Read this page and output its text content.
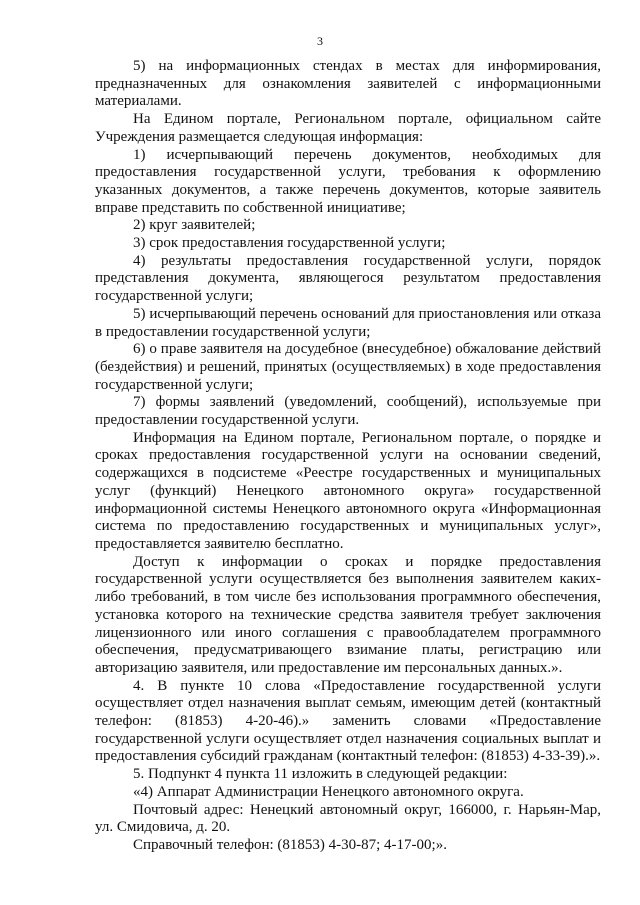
3

5) на информационных стендах в местах для информирования, предназначенных для ознакомления заявителей с информационными материалами.

На Едином портале, Региональном портале, официальном сайте Учреждения размещается следующая информация:

1) исчерпывающий перечень документов, необходимых для предоставления государственной услуги, требования к оформлению указанных документов, а также перечень документов, которые заявитель вправе представить по собственной инициативе;

2) круг заявителей;

3) срок предоставления государственной услуги;

4) результаты предоставления государственной услуги, порядок представления документа, являющегося результатом предоставления государственной услуги;

5) исчерпывающий перечень оснований для приостановления или отказа в предоставлении государственной услуги;

6) о праве заявителя на досудебное (внесудебное) обжалование действий (бездействия) и решений, принятых (осуществляемых) в ходе предоставления государственной услуги;

7) формы заявлений (уведомлений, сообщений), используемые при предоставлении государственной услуги.

Информация на Едином портале, Региональном портале, о порядке и сроках предоставления государственной услуги на основании сведений, содержащихся в подсистеме «Реестре государственных и муниципальных услуг (функций) Ненецкого автономного округа» государственной информационной системы Ненецкого автономного округа «Информационная система по предоставлению государственных и муниципальных услуг», предоставляется заявителю бесплатно.

Доступ к информации о сроках и порядке предоставления государственной услуги осуществляется без выполнения заявителем каких-либо требований, в том числе без использования программного обеспечения, установка которого на технические средства заявителя требует заключения лицензионного или иного соглашения с правообладателем программного обеспечения, предусматривающего взимание платы, регистрацию или авторизацию заявителя, или предоставление им персональных данных.».

4. В пункте 10 слова «Предоставление государственной услуги осуществляет отдел назначения выплат семьям, имеющим детей (контактный телефон: (81853) 4-20-46).» заменить словами «Предоставление государственной услуги осуществляет отдел назначения социальных выплат и предоставления субсидий гражданам (контактный телефон: (81853) 4-33-39).».

5. Подпункт 4 пункта 11 изложить в следующей редакции:

«4) Аппарат Администрации Ненецкого автономного округа.

Почтовый адрес: Ненецкий автономный округ, 166000, г. Нарьян-Мар, ул. Смидовича, д. 20.

Справочный телефон: (81853) 4-30-87; 4-17-00;».
